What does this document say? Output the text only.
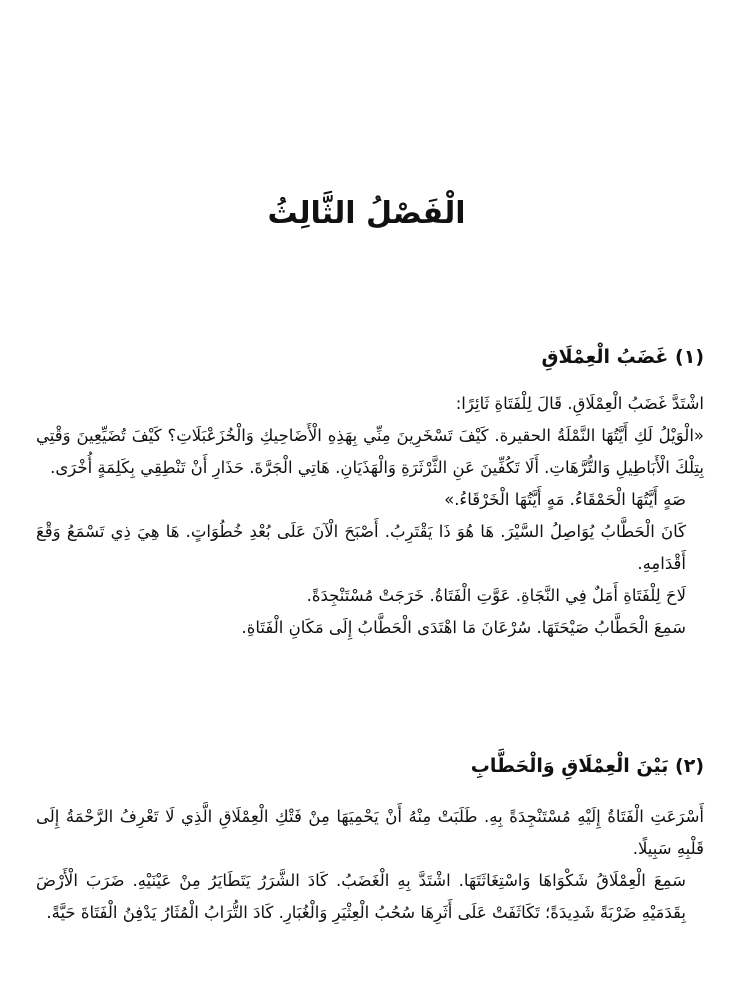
الْفَصْلُ الثَّالِثُ
(١) غَضَبُ الْعِمْلَاقِ

اشْتَدَّ غَضَبُ الْعِمْلَاقِ. قَالَ لِلْفَتَاةِ ثَائِرًا:

«الْوَيْلُ لَكِ أَيَّتُهَا النَّمْلَةُ الحقيرة. كَيْفَ تَسْخَرِينَ مِنِّي بِهَذِهِ الْأَضَاحِيكِ وَالْخُزَعْبَلَاتِ؟ كَيْفَ تُضَيِّعِينَ وَقْتِي بِتِلْكَ الْأَبَاطِيلِ وَالتُّرَّهَاتِ. أَلَا تَكُفِّينَ عَنِ الثَّرْثَرَةِ وَالْهَذَيَانِ. هَاتِي الْجَرَّةَ. حَذَارِ أَنْ تَنْطِقِي بِكَلِمَةٍ أُخْرَى.

صَهٍ أَيَّتُهَا الْحَمْقَاءُ. مَهٍ أَيَّتُهَا الْخَرْقَاءُ.»

كَانَ الْحَطَّابُ يُوَاصِلُ السَّيْرَ. هَا هُوَ ذَا يَقْتَرِبُ. أَصْبَحَ الْآنَ عَلَى بُعْدِ خُطُوَاتٍ. هَا هِيَ ذِي تَسْمَعُ وَقْعَ أَقْدَامِهِ.

لَاحَ لِلْفَتَاةِ أَمَلٌ فِي النَّجَاةِ. عَوَّتِ الْفَتَاةُ. خَرَجَتْ مُسْتَنْجِدَةً.

سَمِعَ الْحَطَّابُ صَيْحَتَهَا. سُرْعَانَ مَا اهْتَدَى الْحَطَّابُ إِلَى مَكَانِ الْفَتَاةِ.

(٢) بَيْنَ الْعِمْلَاقِ وَالْحَطَّابِ

أَسْرَعَتِ الْفَتَاةُ إِلَيْهِ مُسْتَنْجِدَةً بِهِ. طَلَبَتْ مِنْهُ أَنْ يَحْمِيَهَا مِنْ فَتْكِ الْعِمْلَاقِ الَّذِي لَا تَعْرِفُ الرَّحْمَةُ إِلَى قَلْبِهِ سَبِيلًا.

سَمِعَ الْعِمْلَاقُ شَكْوَاهَا وَاسْتِغَاثَتَهَا. اشْتَدَّ بِهِ الْغَضَبُ. كَادَ الشَّرَرُ يَتَطَايَرُ مِنْ عَيْنَيْهِ. ضَرَبَ الْأَرْضَ بِقَدَمَيْهِ ضَرْبَةً شَدِيدَةً؛ تَكَاثَفَتْ عَلَى أَثَرِهَا سُحُبُ الْعِثْيَرِ وَالْغُبَارِ. كَادَ التُّرَابُ الْمُثَارُ يَدْفِنُ الْفَتَاةَ حَيَّةً.
